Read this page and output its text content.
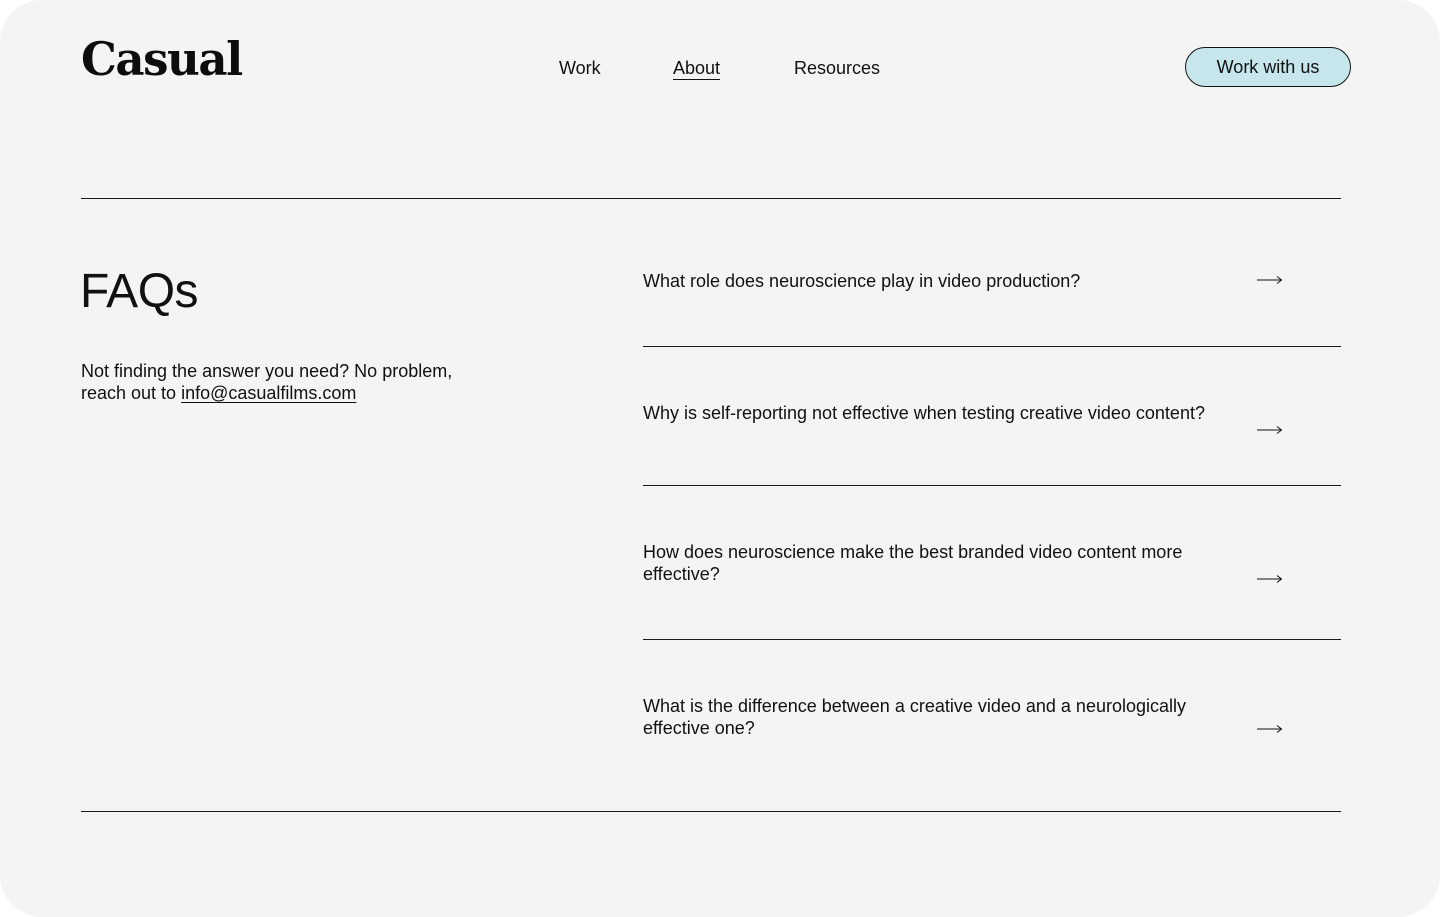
Casual	Work	About	Resources	Work with us
FAQs

Not finding the answer you need? No problem, reach out to info@casualfilms.com

What role does neuroscience play in video production?
Why is self-reporting not effective when testing creative video content?
How does neuroscience make the best branded video content more effective?
What is the difference between a creative video and a neurologically effective one?
